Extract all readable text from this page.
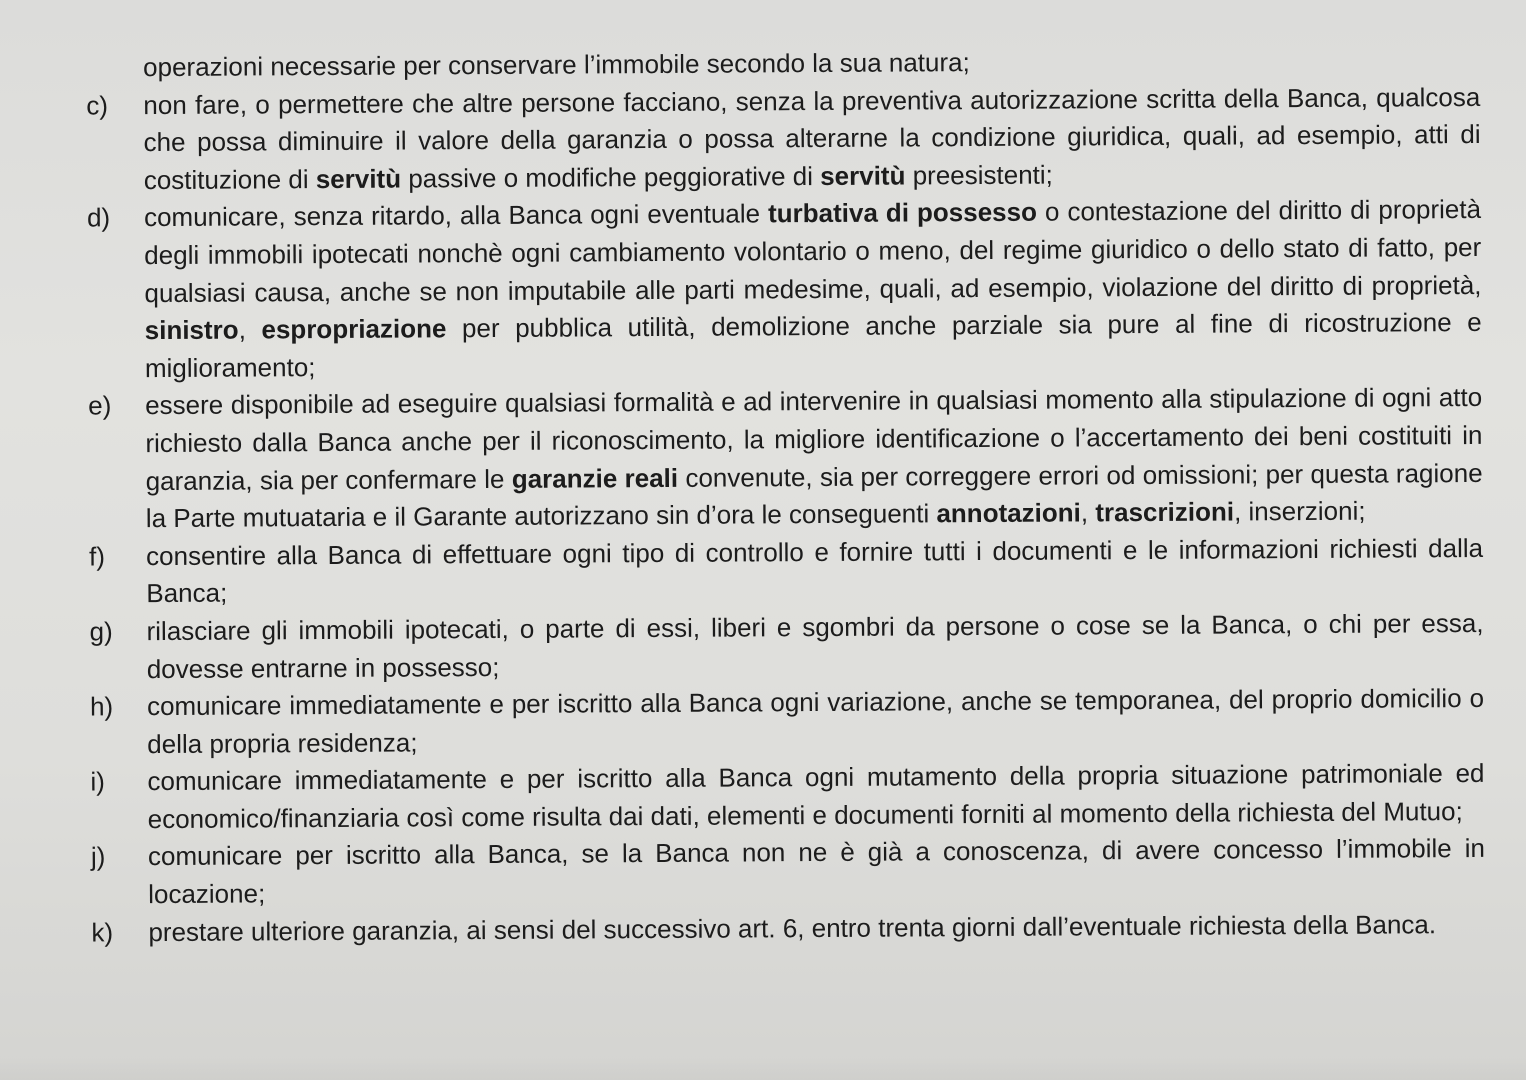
operazioni necessarie per conservare l’immobile secondo la sua natura;
c)	non fare, o permettere che altre persone facciano, senza la preventiva autorizzazione scritta della Banca, qualcosa che possa diminuire il valore della garanzia o possa alterarne la condizione giuridica, quali, ad esempio, atti di costituzione di servitù passive o modifiche peggiorative di servitù preesistenti;
d)	comunicare, senza ritardo, alla Banca ogni eventuale turbativa di possesso o contestazione del diritto di proprietà degli immobili ipotecati nonchè ogni cambiamento volontario o meno, del regime giuridico o dello stato di fatto, per qualsiasi causa, anche se non imputabile alle parti medesime, quali, ad esempio, violazione del diritto di proprietà, sinistro, espropriazione per pubblica utilità, demolizione anche parziale sia pure al fine di ricostruzione e miglioramento;
e)	essere disponibile ad eseguire qualsiasi formalità e ad intervenire in qualsiasi momento alla stipulazione di ogni atto richiesto dalla Banca anche per il riconoscimento, la migliore identificazione o l’accertamento dei beni costituiti in garanzia, sia per confermare le garanzie reali convenute, sia per correggere errori od omissioni; per questa ragione la Parte mutuataria e il Garante autorizzano sin d’ora le conseguenti annotazioni, trascrizioni, inserzioni;
f)	consentire alla Banca di effettuare ogni tipo di controllo e fornire tutti i documenti e le informazioni richiesti dalla Banca;
g)	rilasciare gli immobili ipotecati, o parte di essi, liberi e sgombri da persone o cose se la Banca, o chi per essa, dovesse entrarne in possesso;
h)	comunicare immediatamente e per iscritto alla Banca ogni variazione, anche se temporanea, del proprio domicilio o della propria residenza;
i)	comunicare immediatamente e per iscritto alla Banca ogni mutamento della propria situazione patrimoniale ed economico/finanziaria così come risulta dai dati, elementi e documenti forniti al momento della richiesta del Mutuo;
j)	comunicare per iscritto alla Banca, se la Banca non ne è già a conoscenza, di avere concesso l’immobile in locazione;
k)	prestare ulteriore garanzia, ai sensi del successivo art. 6, entro trenta giorni dall’eventuale richiesta della Banca.
